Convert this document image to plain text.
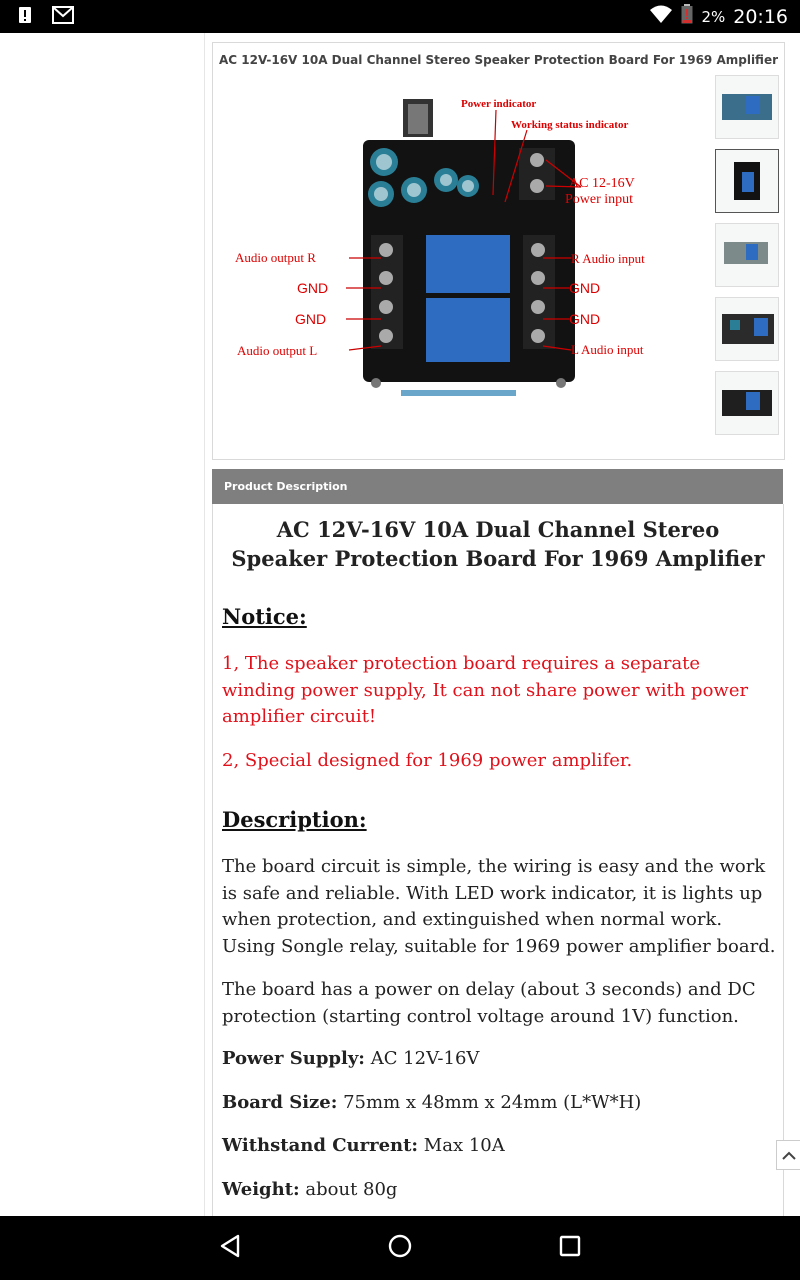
2% 20:16
AC 12V-16V 10A Dual Channel Stereo Speaker Protection Board For 1969 Amplifier
Power indicator
Working status indicator
AC 12-16V
Power input
Audio output R
GND
GND
Audio output L
R Audio input
GND
GND
L Audio input
Product Description
AC 12V-16V 10A Dual Channel Stereo
Speaker Protection Board For 1969 Amplifier
Notice:
1, The speaker protection board requires a separate winding power supply, It can not share power with power amplifier circuit!
2, Special designed for 1969 power amplifer.
Description:
The board circuit is simple, the wiring is easy and the work is safe and reliable. With LED work indicator, it is lights up when protection, and extinguished when normal work. Using Songle relay, suitable for 1969 power amplifier board.
The board has a power on delay (about 3 seconds) and DC protection (starting control voltage around 1V) function.
Power Supply: AC 12V-16V
Board Size: 75mm x 48mm x 24mm (L*W*H)
Withstand Current: Max 10A
Weight: about 80g
